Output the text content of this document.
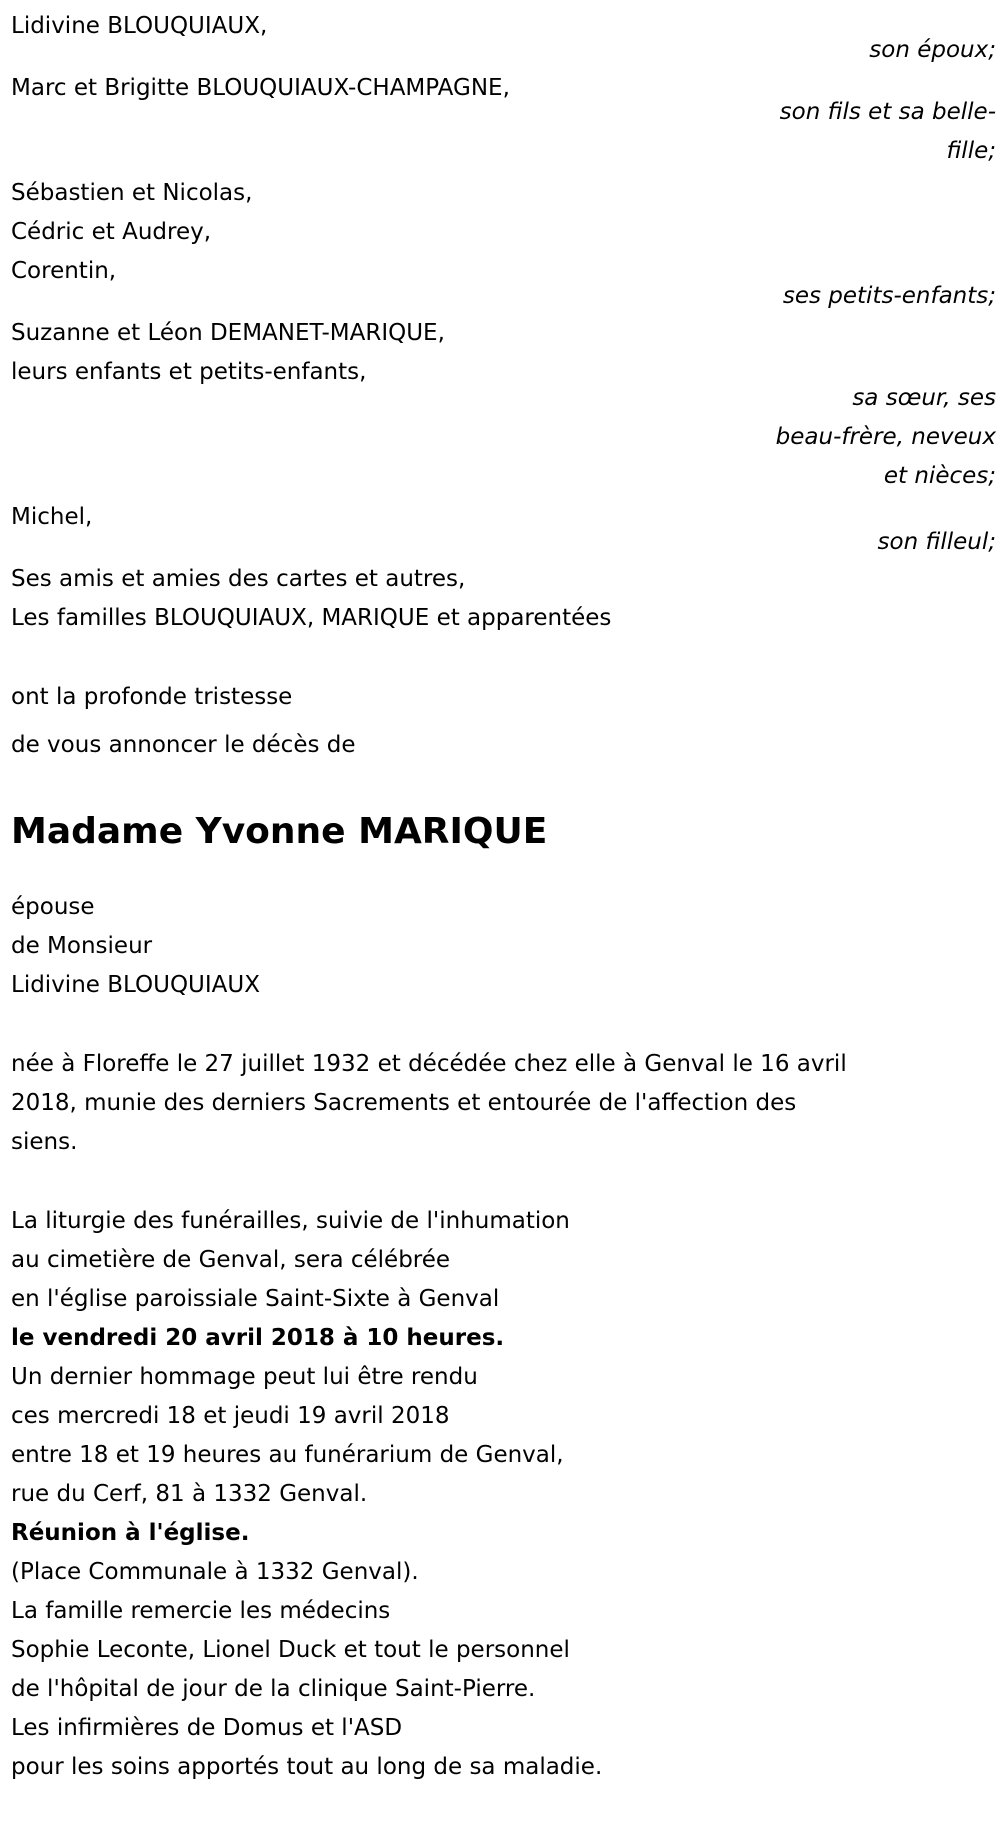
Lidivine BLOUQUIAUX,
son époux;
Marc et Brigitte BLOUQUIAUX-CHAMPAGNE,
son fils et sa belle-
fille;
Sébastien et Nicolas,
Cédric et Audrey,
Corentin,
ses petits-enfants;
Suzanne et Léon DEMANET-MARIQUE,
leurs enfants et petits-enfants,
sa sœur, ses
beau-frère, neveux
et nièces;
Michel,
son filleul;
Ses amis et amies des cartes et autres,
Les familles BLOUQUIAUX, MARIQUE et apparentées
ont la profonde tristesse
de vous annoncer le décès de
Madame Yvonne MARIQUE
épouse
de Monsieur
Lidivine BLOUQUIAUX
née à Floreffe le 27 juillet 1932 et décédée chez elle à Genval le 16 avril
2018, munie des derniers Sacrements et entourée de l'affection des
siens.
La liturgie des funérailles, suivie de l'inhumation
au cimetière de Genval, sera célébrée
en l'église paroissiale Saint-Sixte à Genval
le vendredi 20 avril 2018 à 10 heures.
Un dernier hommage peut lui être rendu
ces mercredi 18 et jeudi 19 avril 2018
entre 18 et 19 heures au funérarium de Genval,
rue du Cerf, 81 à 1332 Genval.
Réunion à l'église.
(Place Communale à 1332 Genval).
La famille remercie les médecins
Sophie Leconte, Lionel Duck et tout le personnel
de l'hôpital de jour de la clinique Saint-Pierre.
Les infirmières de Domus et l'ASD
pour les soins apportés tout au long de sa maladie.
